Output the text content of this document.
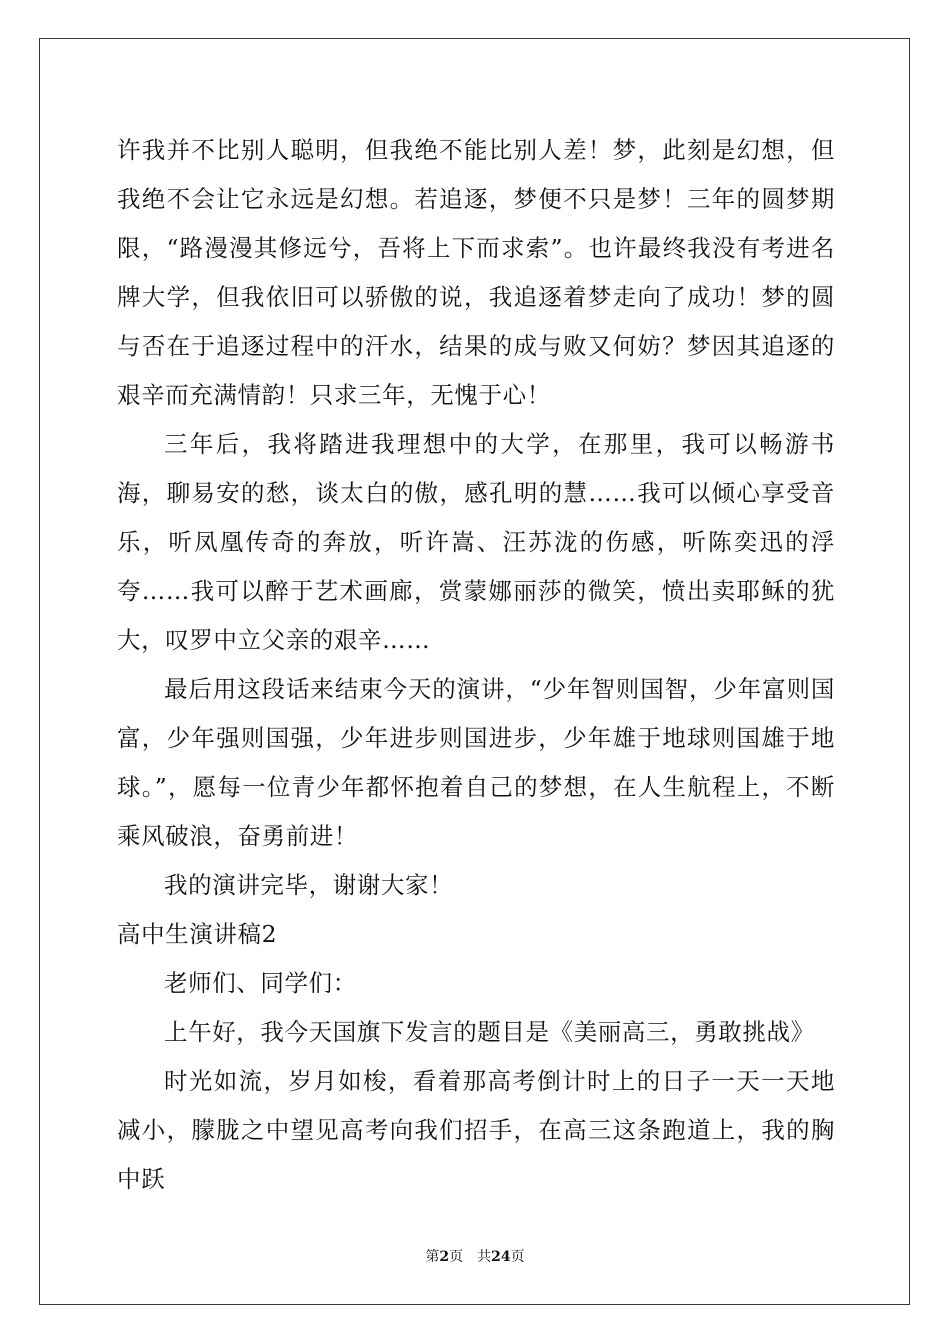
许我并不比别人聪明，但我绝不能比别人差！梦，此刻是幻想，但我绝不会让它永远是幻想。若追逐，梦便不只是梦！三年的圆梦期限，“路漫漫其修远兮，吾将上下而求索”。也许最终我没有考进名牌大学，但我依旧可以骄傲的说，我追逐着梦走向了成功！梦的圆与否在于追逐过程中的汗水，结果的成与败又何妨？梦因其追逐的艰辛而充满情韵！只求三年，无愧于心！

三年后，我将踏进我理想中的大学，在那里，我可以畅游书海，聊易安的愁，谈太白的傲，感孔明的慧……我可以倾心享受音乐，听凤凰传奇的奔放，听许嵩、汪苏泷的伤感，听陈奕迅的浮夸……我可以醉于艺术画廊，赏蒙娜丽莎的微笑，愤出卖耶稣的犹大，叹罗中立父亲的艰辛……

最后用这段话来结束今天的演讲，“少年智则国智，少年富则国富，少年强则国强，少年进步则国进步，少年雄于地球则国雄于地球。”，愿每一位青少年都怀抱着自己的梦想，在人生航程上，不断乘风破浪，奋勇前进！

我的演讲完毕，谢谢大家！

高中生演讲稿2

老师们、同学们：

上午好，我今天国旗下发言的题目是《美丽高三，勇敢挑战》

时光如流，岁月如梭，看着那高考倒计时上的日子一天一天地减小，朦胧之中望见高考向我们招手，在高三这条跑道上，我的胸中跃

第2页 共24页
